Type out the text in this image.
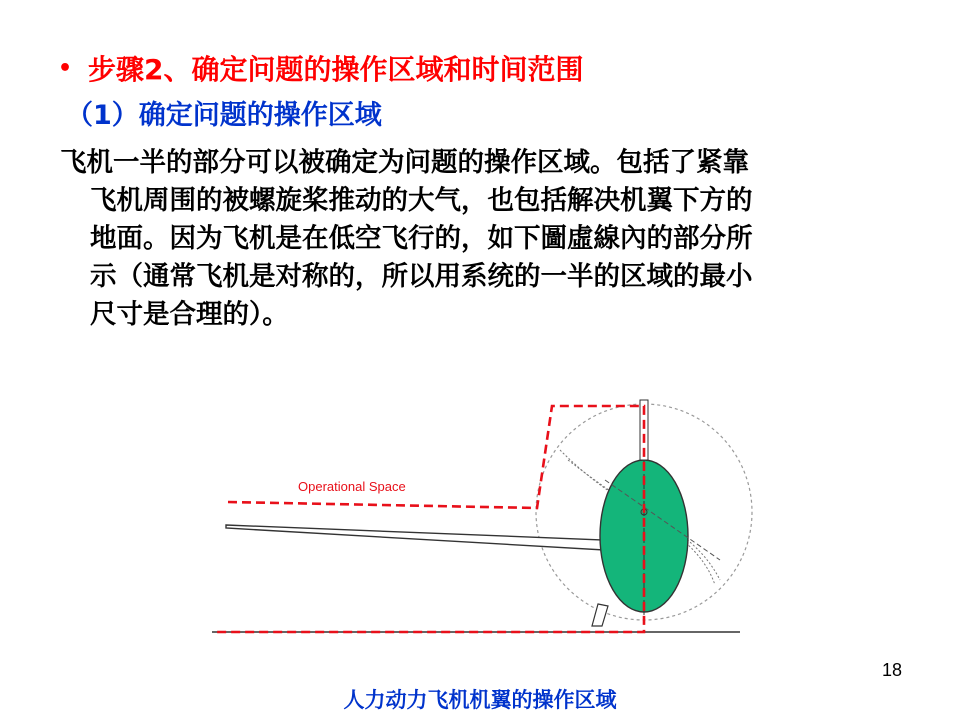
• 步骤2、确定问题的操作区域和时间范围
（1）确定问题的操作区域
飞机一半的部分可以被确定为问题的操作区域。包括了紧靠
飞机周围的被螺旋桨推动的大气，也包括解决机翼下方的
地面。因为飞机是在低空飞行的，如下圖虛線內的部分所
示（通常飞机是对称的，所以用系统的一半的区域的最小
尺寸是合理的）。
Operational Space
18
人力动力飞机机翼的操作区域
